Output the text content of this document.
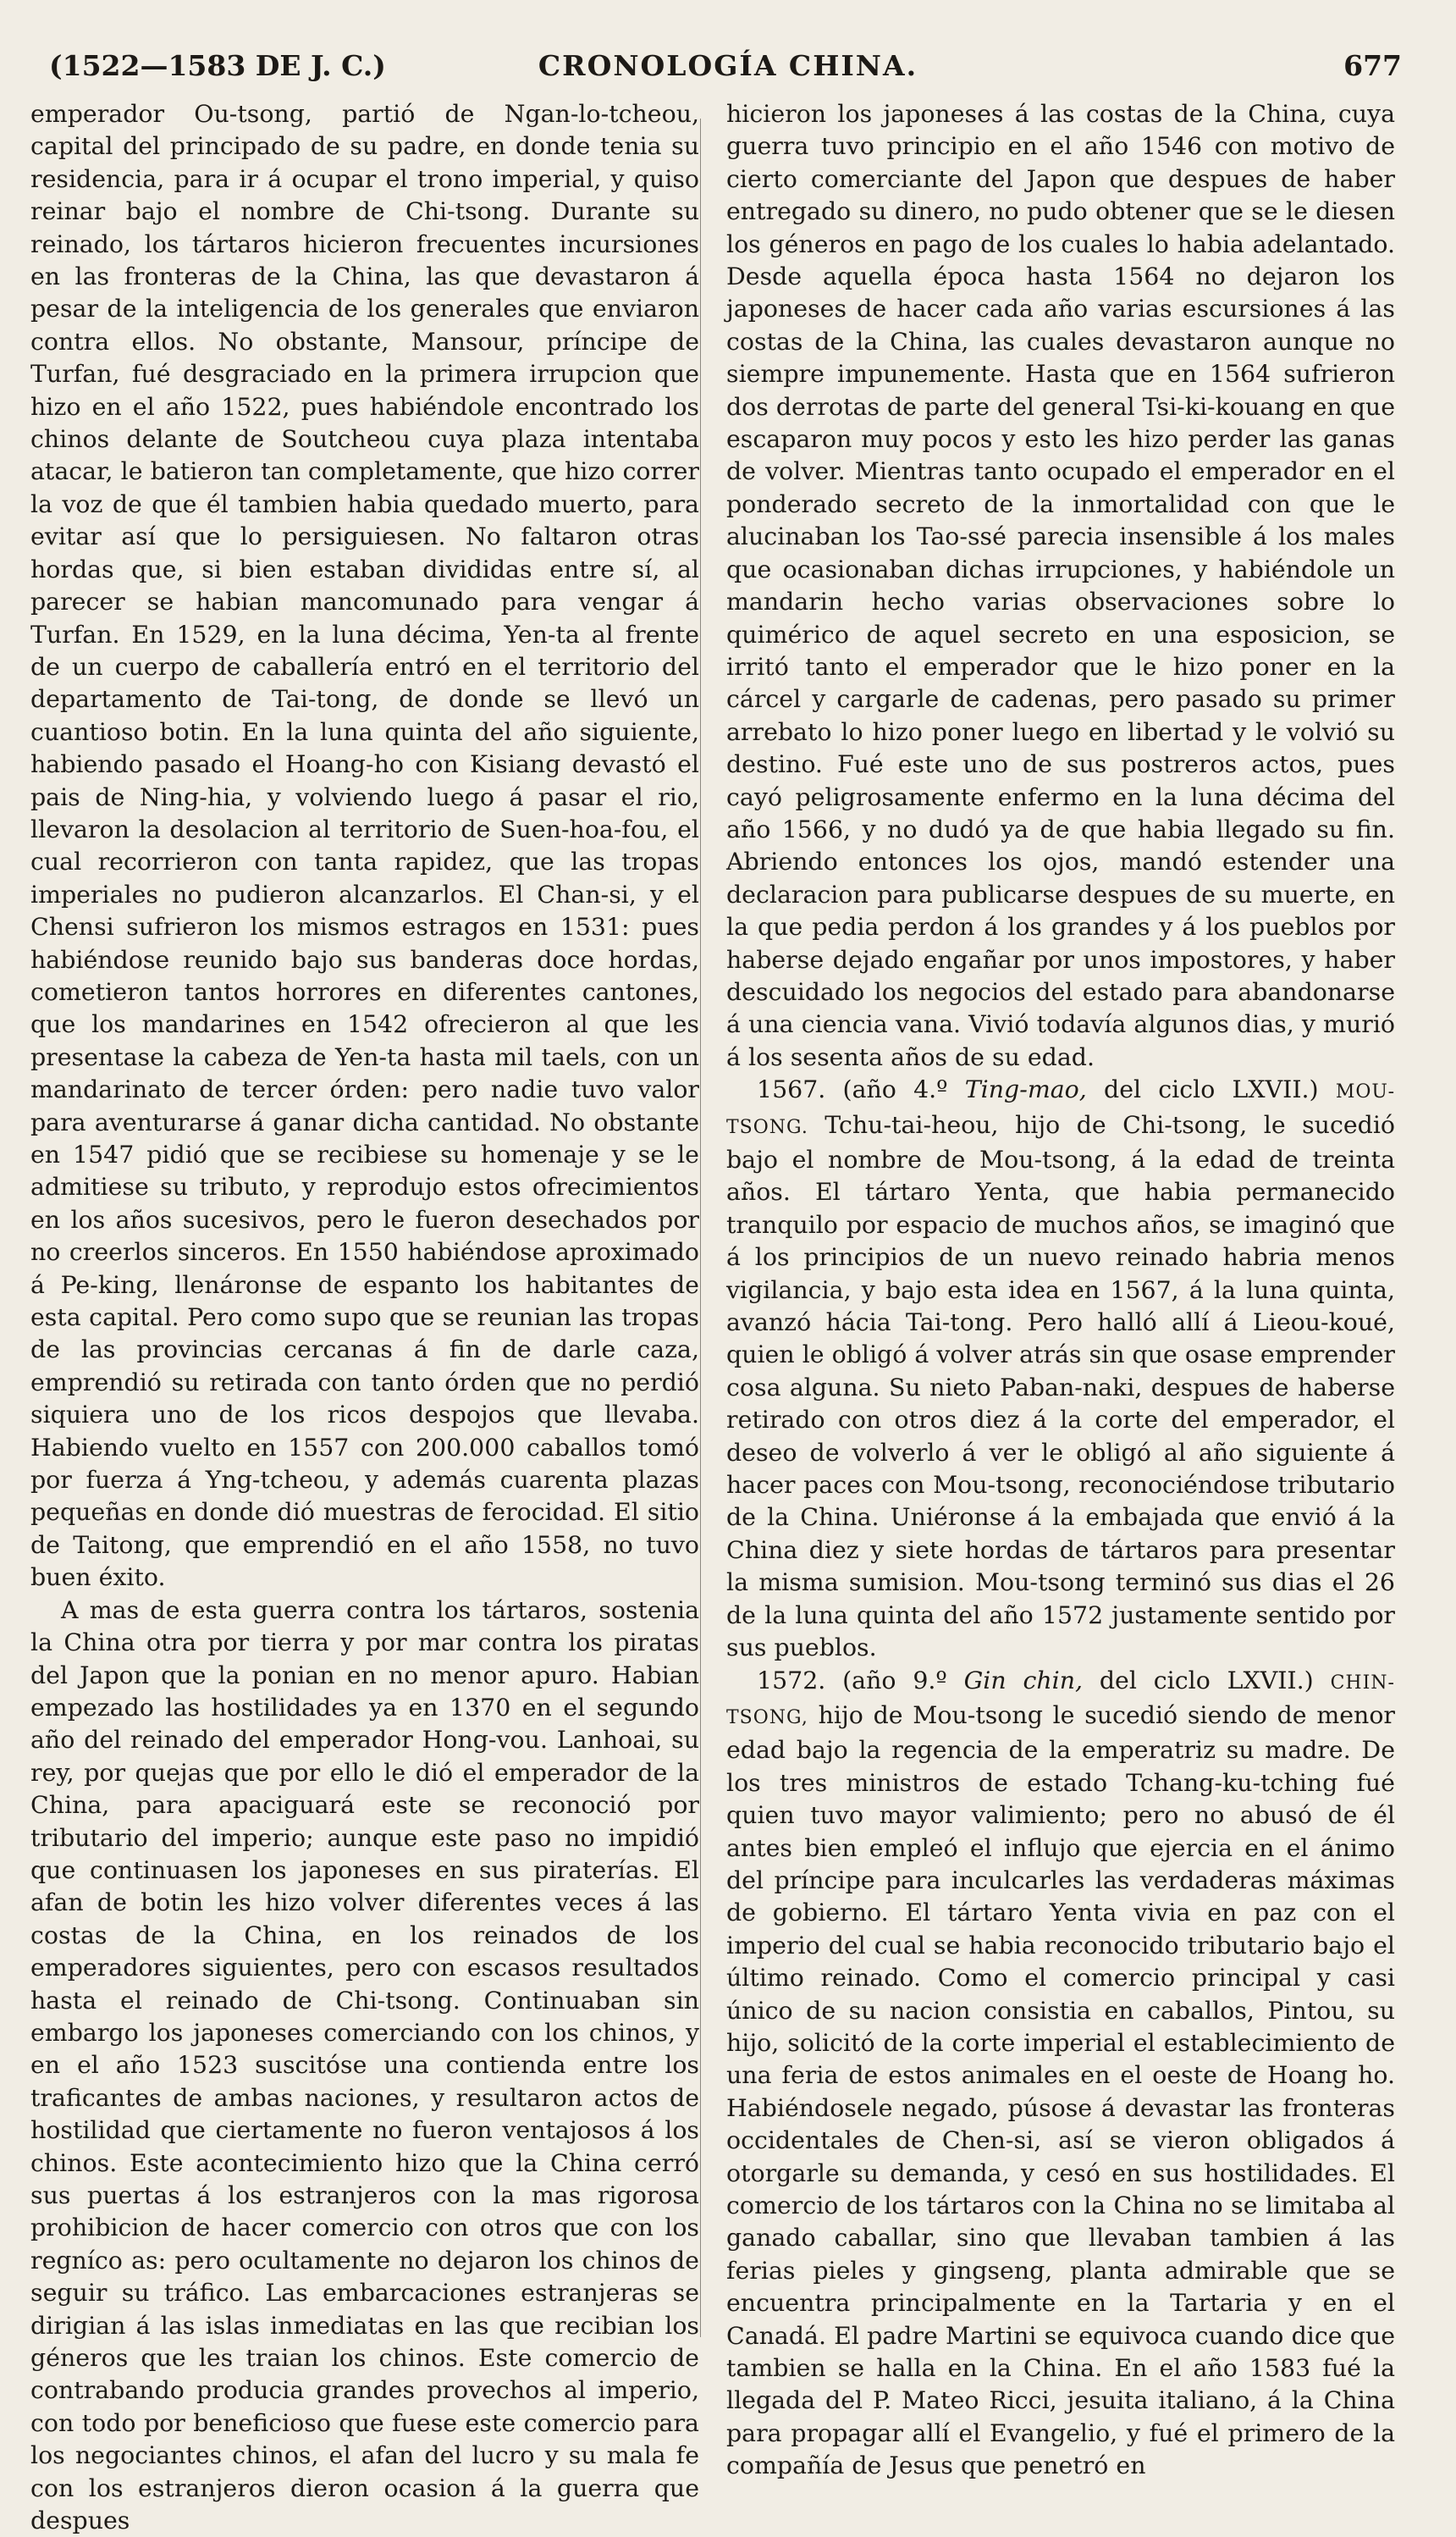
(1522—1583 DE J. C.)	CRONOLOGÍA CHINA.	677

emperador Ou-tsong, partió de Ngan-lo-tcheou, capital del principado de su padre, en donde tenia su residencia, para ir á ocupar el trono imperial, y quiso reinar bajo el nombre de Chi-tsong. Durante su reinado, los tártaros hicieron frecuentes incursiones en las fronteras de la China, las que devastaron á pesar de la inteligencia de los generales que enviaron contra ellos. No obstante, Mansour, príncipe de Turfan, fué desgraciado en la primera irrupcion que hizo en el año 1522, pues habiéndole encontrado los chinos delante de Soutcheou cuya plaza intentaba atacar, le batieron tan completamente, que hizo correr la voz de que él tambien habia quedado muerto, para evitar así que lo persiguiesen. No faltaron otras hordas que, si bien estaban divididas entre sí, al parecer se habian mancomunado para vengar á Turfan. En 1529, en la luna décima, Yen-ta al frente de un cuerpo de caballería entró en el territorio del departamento de Tai-tong, de donde se llevó un cuantioso botin. En la luna quinta del año siguiente, habiendo pasado el Hoang-ho con Kisiang devastó el pais de Ning-hia, y volviendo luego á pasar el rio, llevaron la desolacion al territorio de Suen-hoa-fou, el cual recorrieron con tanta rapidez, que las tropas imperiales no pudieron alcanzarlos. El Chan-si, y el Chensi sufrieron los mismos estragos en 1531: pues habiéndose reunido bajo sus banderas doce hordas, cometieron tantos horrores en diferentes cantones, que los mandarines en 1542 ofrecieron al que les presentase la cabeza de Yen-ta hasta mil taels, con un mandarinato de tercer órden: pero nadie tuvo valor para aventurarse á ganar dicha cantidad. No obstante en 1547 pidió que se recibiese su homenaje y se le admitiese su tributo, y reprodujo estos ofrecimientos en los años sucesivos, pero le fueron desechados por no creerlos sinceros. En 1550 habiéndose aproximado á Pe-king, llenáronse de espanto los habitantes de esta capital. Pero como supo que se reunian las tropas de las provincias cercanas á fin de darle caza, emprendió su retirada con tanto órden que no perdió siquiera uno de los ricos despojos que llevaba. Habiendo vuelto en 1557 con 200.000 caballos tomó por fuerza á Yng-tcheou, y además cuarenta plazas pequeñas en donde dió muestras de ferocidad. El sitio de Taitong, que emprendió en el año 1558, no tuvo buen éxito.

A mas de esta guerra contra los tártaros, sostenia la China otra por tierra y por mar contra los piratas del Japon que la ponian en no menor apuro. Habian empezado las hostilidades ya en 1370 en el segundo año del reinado del emperador Hong-vou. Lanhoai, su rey, por quejas que por ello le dió el emperador de la China, para apaciguará este se reconoció por tributario del imperio; aunque este paso no impidió que continuasen los japoneses en sus piraterías. El afan de botin les hizo volver diferentes veces á las costas de la China, en los reinados de los emperadores siguientes, pero con escasos resultados hasta el reinado de Chi-tsong. Continuaban sin embargo los japoneses comerciando con los chinos, y en el año 1523 suscitóse una contienda entre los traficantes de ambas naciones, y resultaron actos de hostilidad que ciertamente no fueron ventajosos á los chinos. Este acontecimiento hizo que la China cerró sus puertas á los estranjeros con la mas rigorosa prohibicion de hacer comercio con otros que con los regníco as: pero ocultamente no dejaron los chinos de seguir su tráfico. Las embarcaciones estranjeras se dirigian á las islas inmediatas en las que recibian los géneros que les traian los chinos. Este comercio de contrabando producia grandes provechos al imperio, con todo por beneficioso que fuese este comercio para los negociantes chinos, el afan del lucro y su mala fe con los estranjeros dieron ocasion á la guerra que despues

hicieron los japoneses á las costas de la China, cuya guerra tuvo principio en el año 1546 con motivo de cierto comerciante del Japon que despues de haber entregado su dinero, no pudo obtener que se le diesen los géneros en pago de los cuales lo habia adelantado. Desde aquella época hasta 1564 no dejaron los japoneses de hacer cada año varias escursiones á las costas de la China, las cuales devastaron aunque no siempre impunemente. Hasta que en 1564 sufrieron dos derrotas de parte del general Tsi-ki-kouang en que escaparon muy pocos y esto les hizo perder las ganas de volver. Mientras tanto ocupado el emperador en el ponderado secreto de la inmortalidad con que le alucinaban los Tao-ssé parecia insensible á los males que ocasionaban dichas irrupciones, y habiéndole un mandarin hecho varias observaciones sobre lo quimérico de aquel secreto en una esposicion, se irritó tanto el emperador que le hizo poner en la cárcel y cargarle de cadenas, pero pasado su primer arrebato lo hizo poner luego en libertad y le volvió su destino. Fué este uno de sus postreros actos, pues cayó peligrosamente enfermo en la luna décima del año 1566, y no dudó ya de que habia llegado su fin. Abriendo entonces los ojos, mandó estender una declaracion para publicarse despues de su muerte, en la que pedia perdon á los grandes y á los pueblos por haberse dejado engañar por unos impostores, y haber descuidado los negocios del estado para abandonarse á una ciencia vana. Vivió todavía algunos dias, y murió á los sesenta años de su edad.

1567. (año 4.º Ting-mao, del ciclo LXVII.) MOU-TSONG. Tchu-tai-heou, hijo de Chi-tsong, le sucedió bajo el nombre de Mou-tsong, á la edad de treinta años. El tártaro Yenta, que habia permanecido tranquilo por espacio de muchos años, se imaginó que á los principios de un nuevo reinado habria menos vigilancia, y bajo esta idea en 1567, á la luna quinta, avanzó hácia Tai-tong. Pero halló allí á Lieou-koué, quien le obligó á volver atrás sin que osase emprender cosa alguna. Su nieto Paban-naki, despues de haberse retirado con otros diez á la corte del emperador, el deseo de volverlo á ver le obligó al año siguiente á hacer paces con Mou-tsong, reconociéndose tributario de la China. Uniéronse á la embajada que envió á la China diez y siete hordas de tártaros para presentar la misma sumision. Mou-tsong terminó sus dias el 26 de la luna quinta del año 1572 justamente sentido por sus pueblos.

1572. (año 9.º Gin chin, del ciclo LXVII.) CHIN-TSONG, hijo de Mou-tsong le sucedió siendo de menor edad bajo la regencia de la emperatriz su madre. De los tres ministros de estado Tchang-ku-tching fué quien tuvo mayor valimiento; pero no abusó de él antes bien empleó el influjo que ejercia en el ánimo del príncipe para inculcarles las verdaderas máximas de gobierno. El tártaro Yenta vivia en paz con el imperio del cual se habia reconocido tributario bajo el último reinado. Como el comercio principal y casi único de su nacion consistia en caballos, Pintou, su hijo, solicitó de la corte imperial el establecimiento de una feria de estos animales en el oeste de Hoang ho. Habiéndosele negado, púsose á devastar las fronteras occidentales de Chen-si, así se vieron obligados á otorgarle su demanda, y cesó en sus hostilidades. El comercio de los tártaros con la China no se limitaba al ganado caballar, sino que llevaban tambien á las ferias pieles y gingseng, planta admirable que se encuentra principalmente en la Tartaria y en el Canadá. El padre Martini se equivoca cuando dice que tambien se halla en la China. En el año 1583 fué la llegada del P. Mateo Ricci, jesuita italiano, á la China para propagar allí el Evangelio, y fué el primero de la compañía de Jesus que penetró en
